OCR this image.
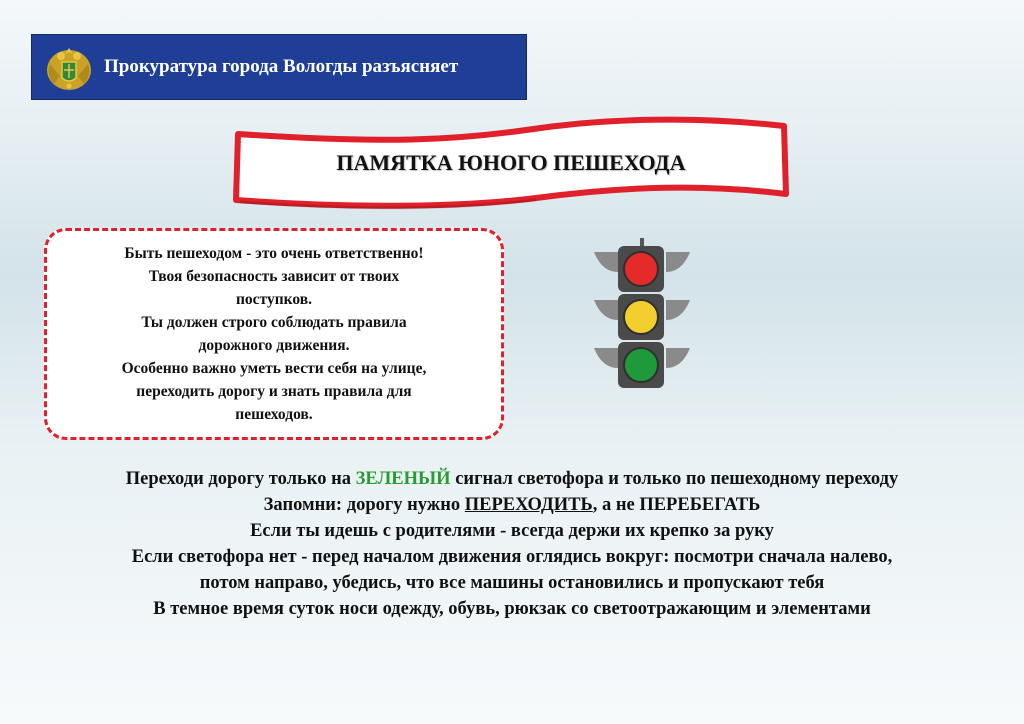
Прокуратура города Вологды разъясняет
ПАМЯТКА ЮНОГО ПЕШЕХОДА
Быть пешеходом - это очень ответственно!
Твоя безопасность зависит от твоих
поступков.
Ты должен строго соблюдать правила
дорожного движения.
Особенно важно уметь вести себя на улице,
переходить дорогу и знать правила для
пешеходов.
Переходи дорогу только на ЗЕЛЕНЫЙ сигнал светофора и только по пешеходному переходу
Запомни: дорогу нужно ПЕРЕХОДИТЬ, а не ПЕРЕБЕГАТЬ
Если ты идешь с родителями - всегда держи их крепко за руку
Если светофора нет - перед началом движения оглядись вокруг: посмотри сначала налево,
потом направо, убедись, что все машины остановились и пропускают тебя
В темное время суток носи одежду, обувь, рюкзак со светоотражающим и элементами
